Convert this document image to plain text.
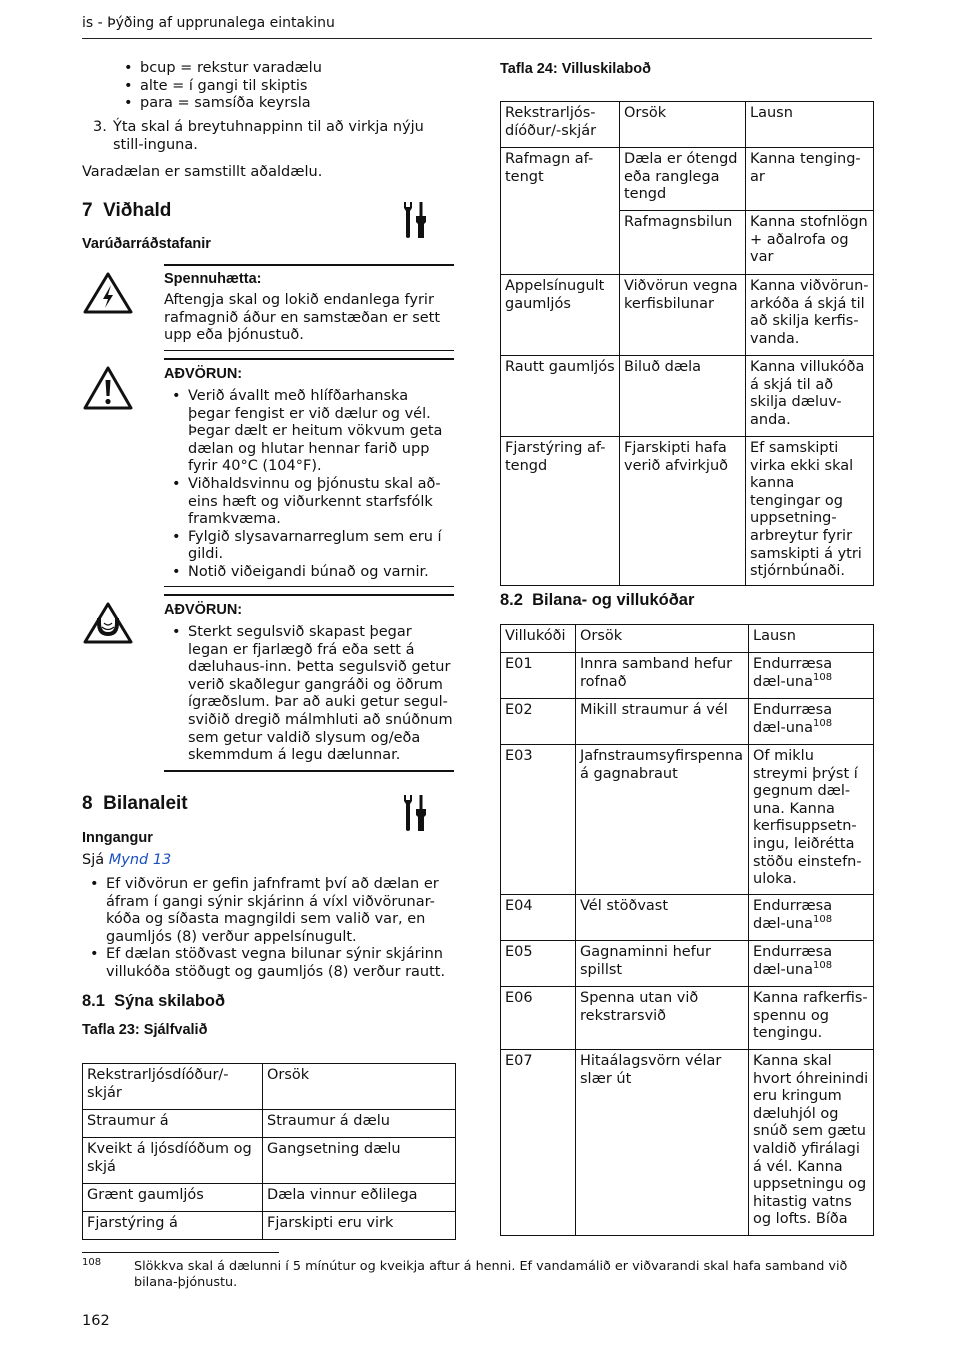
is - Þýðing af upprunalega eintakinu
• bcup = rekstur varadælu
• alte = í gangi til skiptis
• para = samsíða keyrsla
3. Ýta skal á breytuhnappinn til að virkja nýju still-inguna.
Varadælan er samstillt aðaldælu.
7 Viðhald
Varúðarráðstafanir
Spennuhætta:
Aftengja skal og lokið endanlega fyrir rafmagnið áður en samstæðan er sett upp eða þjónustuð.
AÐVÖRUN:
• Verið ávallt með hlífðarhanska þegar fengist er við dælur og vél. Þegar dælt er heitum vökvum geta dælan og hlutar hennar farið upp fyrir 40°C (104°F).
• Viðhaldsvinnu og þjónustu skal að-eins hæft og viðurkennt starfsfólk framkvæma.
• Fylgið slysavarnarreglum sem eru í gildi.
• Notið viðeigandi búnað og varnir.
AÐVÖRUN:
• Sterkt segulsvið skapast þegar legan er fjarlægð frá eða sett á dæluhaus-inn. Þetta segulsvið getur verið skaðlegur gangráði og öðrum ígræðslum. Þar að auki getur segul-sviðið dregið málmhluti að snúðnum sem getur valdið slysum og/eða skemmdum á legu dælunnar.
8 Bilanaleit
Inngangur
Sjá Mynd 13
• Ef viðvörun er gefin jafnframt því að dælan er áfram í gangi sýnir skjárinn á víxl viðvörunar-kóða og síðasta magngildi sem valið var, en gaumljós (8) verður appelsínugult.
• Ef dælan stöðvast vegna bilunar sýnir skjárinn villukóða stöðugt og gaumljós (8) verður rautt.
8.1 Sýna skilaboð
Tafla 23: Sjálfvalið
Rekstrarljósdíóður/-skjár	Orsök
Straumur á	Straumur á dælu
Kveikt á ljósdíóðum og skjá	Gangsetning dælu
Grænt gaumljós	Dæla vinnur eðlilega
Fjarstýring á	Fjarskipti eru virk
Tafla 24: Villuskilaboð
Rekstrarljós-díóður/-skjár	Orsök	Lausn
Rafmagn af-tengt	Dæla er ótengd eða ranglega tengd	Kanna tenging-ar
	Rafmagnsbilun	Kanna stofnlögn + aðalrofa og var
Appelsínugult gaumljós	Viðvörun vegna kerfisbilunar	Kanna viðvörun-arkóða á skjá til að skilja kerfis-vanda.
Rautt gaumljós	Biluð dæla	Kanna villukóða á skjá til að skilja dæluv-anda.
Fjarstýring af-tengd	Fjarskipti hafa verið afvirkjuð	Ef samskipti virka ekki skal kanna tengingar og uppsetning-arbreytur fyrir samskipti á ytri stjórnbúnaði.
8.2 Bilana- og villukóðar
Villukóði	Orsök	Lausn
E01	Innra samband hefur rofnað	Endurræsa dæl-una$^{108}$
E02	Mikill straumur á vél	Endurræsa dæl-una$^{108}$
E03	Jafnstraumsyfirspenna á gagnabraut	Of miklu streymi þrýst í gegnum dæl-una. Kanna kerfisuppsetn-ingu, leiðrétta stöðu einstefn-uloka.
E04	Vél stöðvast	Endurræsa dæl-una$^{108}$
E05	Gagnaminni hefur spillst	Endurræsa dæl-una$^{108}$
E06	Spenna utan við rekstrarsvið	Kanna rafkerfis-spennu og tengingu.
E07	Hitaálagsvörn vélar slær út	Kanna skal hvort óhreinindi eru kringum dæluhjól og snúð sem gætu valdið yfirálagi á vél. Kanna uppsetningu og hitastig vatns og lofts. Bíða
108	Slökkva skal á dælunni í 5 mínútur og kveikja aftur á henni. Ef vandamálið er viðvarandi skal hafa samband við bilana-þjónustu.
162
